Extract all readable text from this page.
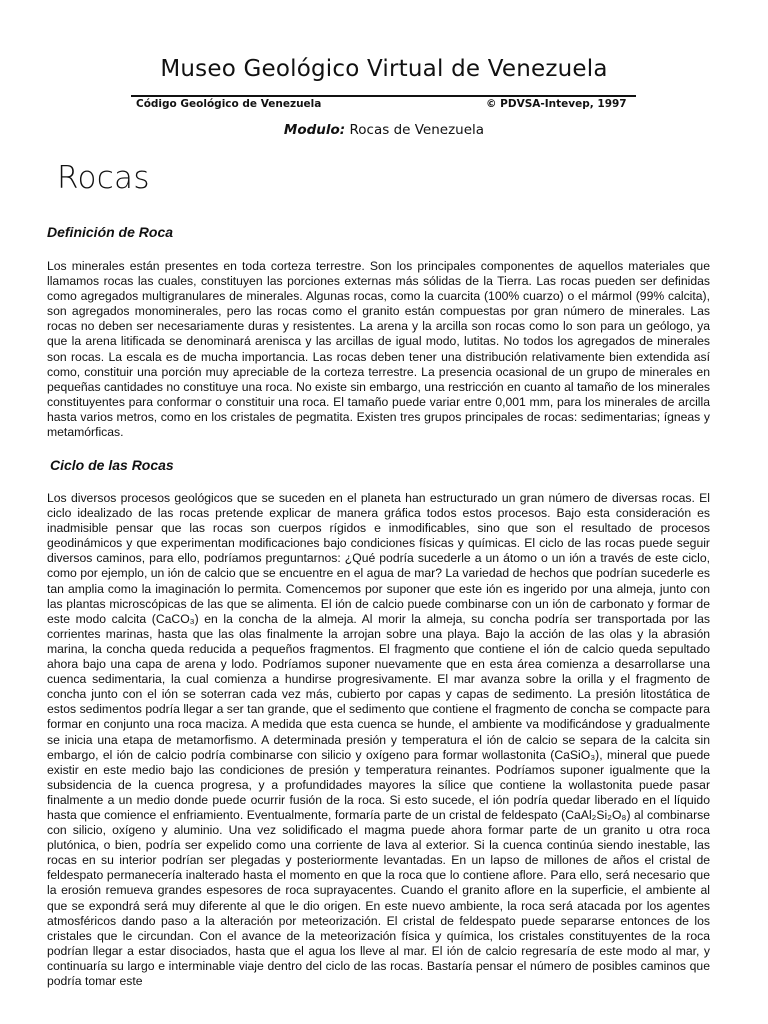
Museo Geológico Virtual de Venezuela
Código Geológico de Venezuela	© PDVSA-Intevep, 1997
Modulo: Rocas de Venezuela
Rocas
Definición de Roca

Los minerales están presentes en toda corteza terrestre. Son los principales componentes de aquellos materiales que llamamos rocas las cuales, constituyen las porciones externas más sólidas de la Tierra. Las rocas pueden ser definidas como agregados multigranulares de minerales. Algunas rocas, como la cuarcita (100% cuarzo) o el mármol (99% calcita), son agregados monominerales, pero las rocas como el granito están compuestas por gran número de minerales. Las rocas no deben ser necesariamente duras y resistentes. La arena y la arcilla son rocas como lo son para un geólogo, ya que la arena litificada se denominará arenisca y las arcillas de igual modo, lutitas. No todos los agregados de minerales son rocas. La escala es de mucha importancia. Las rocas deben tener una distribución relativamente bien extendida así como, constituir una porción muy apreciable de la corteza terrestre. La presencia ocasional de un grupo de minerales en pequeñas cantidades no constituye una roca. No existe sin embargo, una restricción en cuanto al tamaño de los minerales constituyentes para conformar o constituir una roca. El tamaño puede variar entre 0,001 mm, para los minerales de arcilla hasta varios metros, como en los cristales de pegmatita. Existen tres grupos principales de rocas: sedimentarias; ígneas y metamórficas.

Ciclo de las Rocas

Los diversos procesos geológicos que se suceden en el planeta han estructurado un gran número de diversas rocas. El ciclo idealizado de las rocas pretende explicar de manera gráfica todos estos procesos. Bajo esta consideración es inadmisible pensar que las rocas son cuerpos rígidos e inmodificables, sino que son el resultado de procesos geodinámicos y que experimentan modificaciones bajo condiciones físicas y químicas. El ciclo de las rocas puede seguir diversos caminos, para ello, podríamos preguntarnos: ¿Qué podría sucederle a un átomo o un ión a través de este ciclo, como por ejemplo, un ión de calcio que se encuentre en el agua de mar? La variedad de hechos que podrían sucederle es tan amplia como la imaginación lo permita. Comencemos por suponer que este ión es ingerido por una almeja, junto con las plantas microscópicas de las que se alimenta. El ión de calcio puede combinarse con un ión de carbonato y formar de este modo calcita (CaCO₃) en la concha de la almeja. Al morir la almeja, su concha podría ser transportada por las corrientes marinas, hasta que las olas finalmente la arrojan sobre una playa. Bajo la acción de las olas y la abrasión marina, la concha queda reducida a pequeños fragmentos. El fragmento que contiene el ión de calcio queda sepultado ahora bajo una capa de arena y lodo. Podríamos suponer nuevamente que en esta área comienza a desarrollarse una cuenca sedimentaria, la cual comienza a hundirse progresivamente. El mar avanza sobre la orilla y el fragmento de concha junto con el ión se soterran cada vez más, cubierto por capas y capas de sedimento. La presión litostática de estos sedimentos podría llegar a ser tan grande, que el sedimento que contiene el fragmento de concha se compacte para formar en conjunto una roca maciza. A medida que esta cuenca se hunde, el ambiente va modificándose y gradualmente se inicia una etapa de metamorfismo. A determinada presión y temperatura el ión de calcio se separa de la calcita sin embargo, el ión de calcio podría combinarse con silicio y oxígeno para formar wollastonita (CaSiO₃), mineral que puede existir en este medio bajo las condiciones de presión y temperatura reinantes. Podríamos suponer igualmente que la subsidencia de la cuenca progresa, y a profundidades mayores la sílice que contiene la wollastonita puede pasar finalmente a un medio donde puede ocurrir fusión de la roca. Si esto sucede, el ión podría quedar liberado en el líquido hasta que comience el enfriamiento. Eventualmente, formaría parte de un cristal de feldespato (CaAl₂Si₂O₈) al combinarse con silicio, oxígeno y aluminio. Una vez solidificado el magma puede ahora formar parte de un granito u otra roca plutónica, o bien, podría ser expelido como una corriente de lava al exterior. Si la cuenca continúa siendo inestable, las rocas en su interior podrían ser plegadas y posteriormente levantadas. En un lapso de millones de años el cristal de feldespato permanecería inalterado hasta el momento en que la roca que lo contiene aflore. Para ello, será necesario que la erosión remueva grandes espesores de roca suprayacentes. Cuando el granito aflore en la superficie, el ambiente al que se expondrá será muy diferente al que le dio origen. En este nuevo ambiente, la roca será atacada por los agentes atmosféricos dando paso a la alteración por meteorización. El cristal de feldespato puede separarse entonces de los cristales que le circundan. Con el avance de la meteorización física y química, los cristales constituyentes de la roca podrían llegar a estar disociados, hasta que el agua los lleve al mar. El ión de calcio regresaría de este modo al mar, y continuaría su largo e interminable viaje dentro del ciclo de las rocas. Bastaría pensar el número de posibles caminos que podría tomar este
